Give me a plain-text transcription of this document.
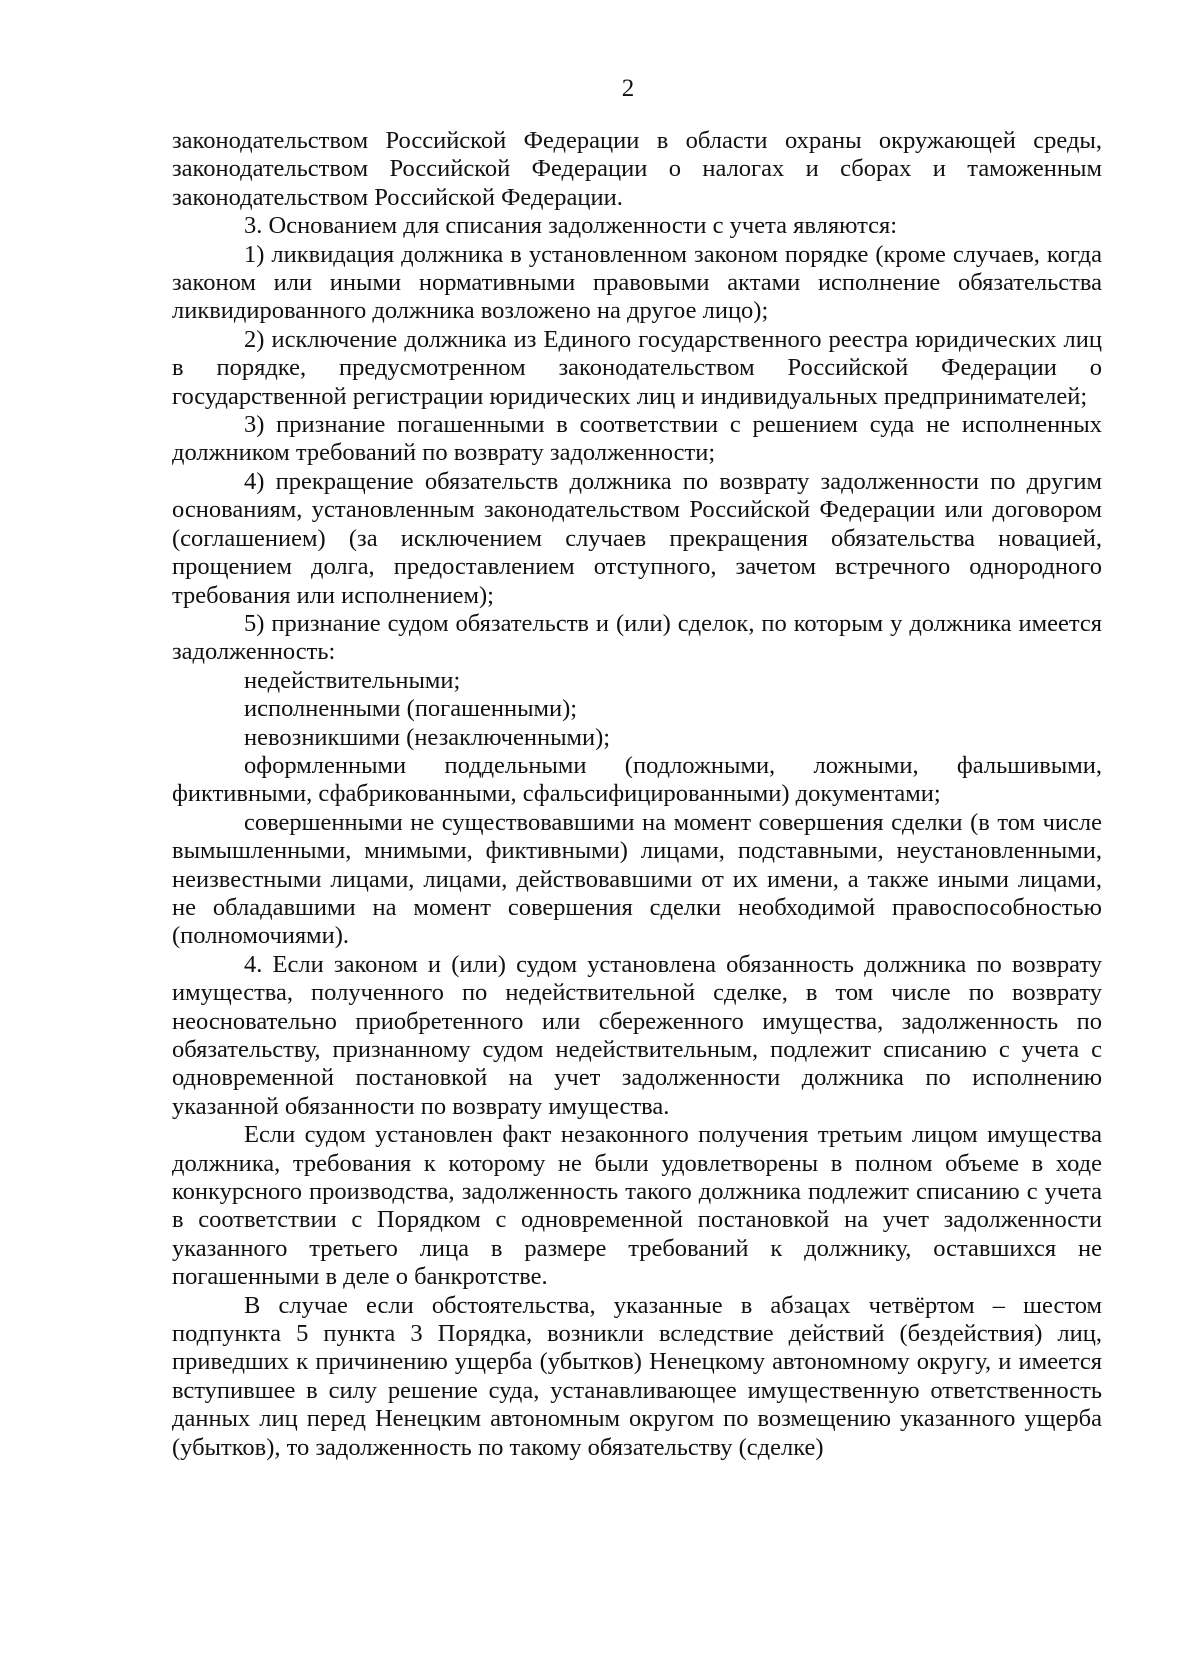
2

законодательством Российской Федерации в области охраны окружающей среды, законодательством Российской Федерации о налогах и сборах и таможенным законодательством Российской Федерации.

3. Основанием для списания задолженности с учета являются:

1) ликвидация должника в установленном законом порядке (кроме случаев, когда законом или иными нормативными правовыми актами исполнение обязательства ликвидированного должника возложено на другое лицо);

2) исключение должника из Единого государственного реестра юридических лиц в порядке, предусмотренном законодательством Российской Федерации о государственной регистрации юридических лиц и индивидуальных предпринимателей;

3) признание погашенными в соответствии с решением суда не исполненных должником требований по возврату задолженности;

4) прекращение обязательств должника по возврату задолженности по другим основаниям, установленным законодательством Российской Федерации или договором (соглашением) (за исключением случаев прекращения обязательства новацией, прощением долга, предоставлением отступного, зачетом встречного однородного требования или исполнением);

5) признание судом обязательств и (или) сделок, по которым у должника имеется задолженность:

недействительными;

исполненными (погашенными);

невозникшими (незаключенными);

оформленными поддельными (подложными, ложными, фальшивыми, фиктивными, сфабрикованными, сфальсифицированными) документами;

совершенными не существовавшими на момент совершения сделки (в том числе вымышленными, мнимыми, фиктивными) лицами, подставными, неустановленными, неизвестными лицами, лицами, действовавшими от их имени, а также иными лицами, не обладавшими на момент совершения сделки необходимой правоспособностью (полномочиями).

4. Если законом и (или) судом установлена обязанность должника по возврату имущества, полученного по недействительной сделке, в том числе по возврату неосновательно приобретенного или сбереженного имущества, задолженность по обязательству, признанному судом недействительным, подлежит списанию с учета с одновременной постановкой на учет задолженности должника по исполнению указанной обязанности по возврату имущества.

Если судом установлен факт незаконного получения третьим лицом имущества должника, требования к которому не были удовлетворены в полном объеме в ходе конкурсного производства, задолженность такого должника подлежит списанию с учета в соответствии с Порядком с одновременной постановкой на учет задолженности указанного третьего лица в размере требований к должнику, оставшихся не погашенными в деле о банкротстве.

В случае если обстоятельства, указанные в абзацах четвёртом – шестом подпункта 5 пункта 3 Порядка, возникли вследствие действий (бездействия) лиц, приведших к причинению ущерба (убытков) Ненецкому автономному округу, и имеется вступившее в силу решение суда, устанавливающее имущественную ответственность данных лиц перед Ненецким автономным округом по возмещению указанного ущерба (убытков), то задолженность по такому обязательству (сделке)
